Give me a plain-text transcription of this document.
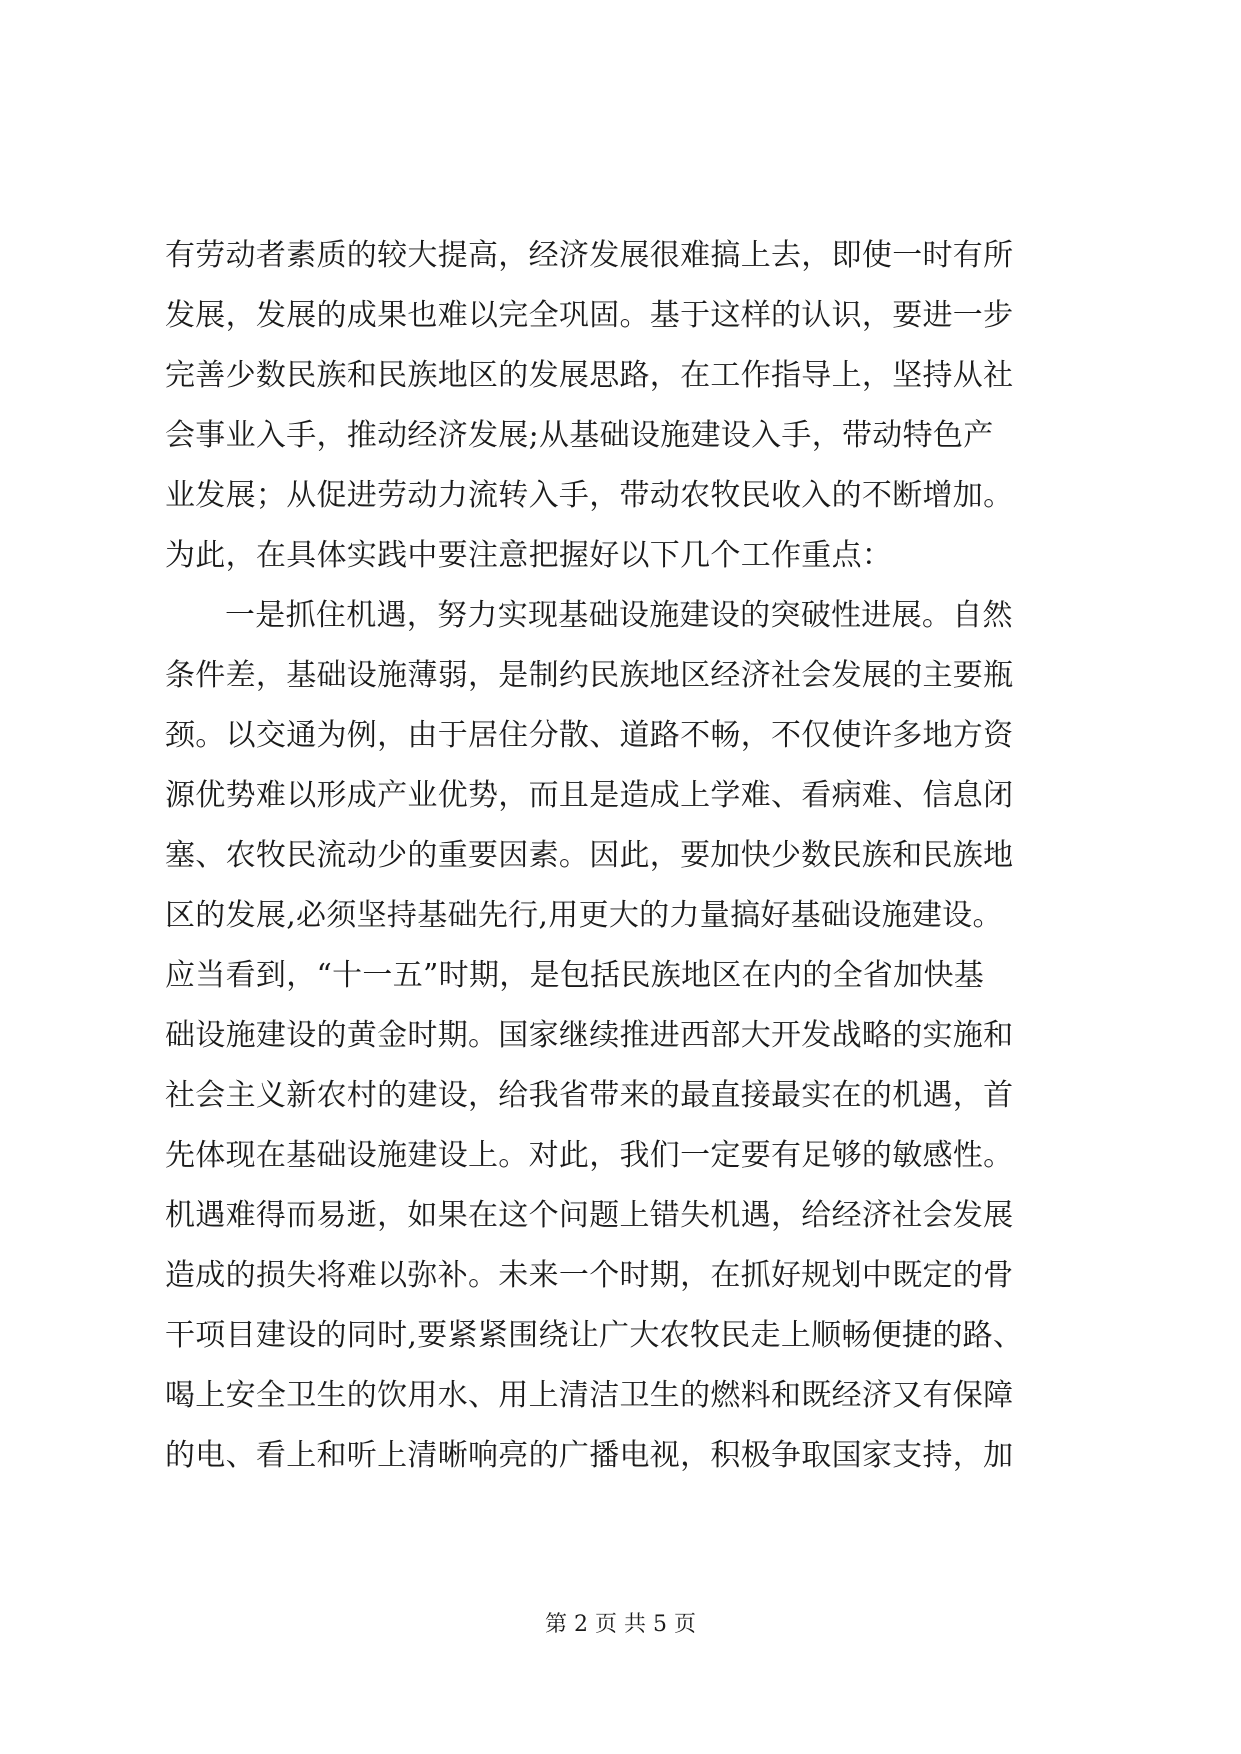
有劳动者素质的较大提高，经济发展很难搞上去，即使一时有所
发展，发展的成果也难以完全巩固。基于这样的认识，要进一步
完善少数民族和民族地区的发展思路，在工作指导上，坚持从社
会事业入手，推动经济发展;从基础设施建设入手，带动特色产
业发展；从促进劳动力流转入手，带动农牧民收入的不断增加。
为此，在具体实践中要注意把握好以下几个工作重点：
一是抓住机遇，努力实现基础设施建设的突破性进展。自然
条件差，基础设施薄弱，是制约民族地区经济社会发展的主要瓶
颈。以交通为例，由于居住分散、道路不畅，不仅使许多地方资
源优势难以形成产业优势，而且是造成上学难、看病难、信息闭
塞、农牧民流动少的重要因素。因此，要加快少数民族和民族地
区的发展,必须坚持基础先行,用更大的力量搞好基础设施建设。
应当看到，“十一五”时期，是包括民族地区在内的全省加快基
础设施建设的黄金时期。国家继续推进西部大开发战略的实施和
社会主义新农村的建设，给我省带来的最直接最实在的机遇，首
先体现在基础设施建设上。对此，我们一定要有足够的敏感性。
机遇难得而易逝，如果在这个问题上错失机遇，给经济社会发展
造成的损失将难以弥补。未来一个时期，在抓好规划中既定的骨
干项目建设的同时,要紧紧围绕让广大农牧民走上顺畅便捷的路、
喝上安全卫生的饮用水、用上清洁卫生的燃料和既经济又有保障
的电、看上和听上清晰响亮的广播电视，积极争取国家支持，加
第 2 页 共 5 页
